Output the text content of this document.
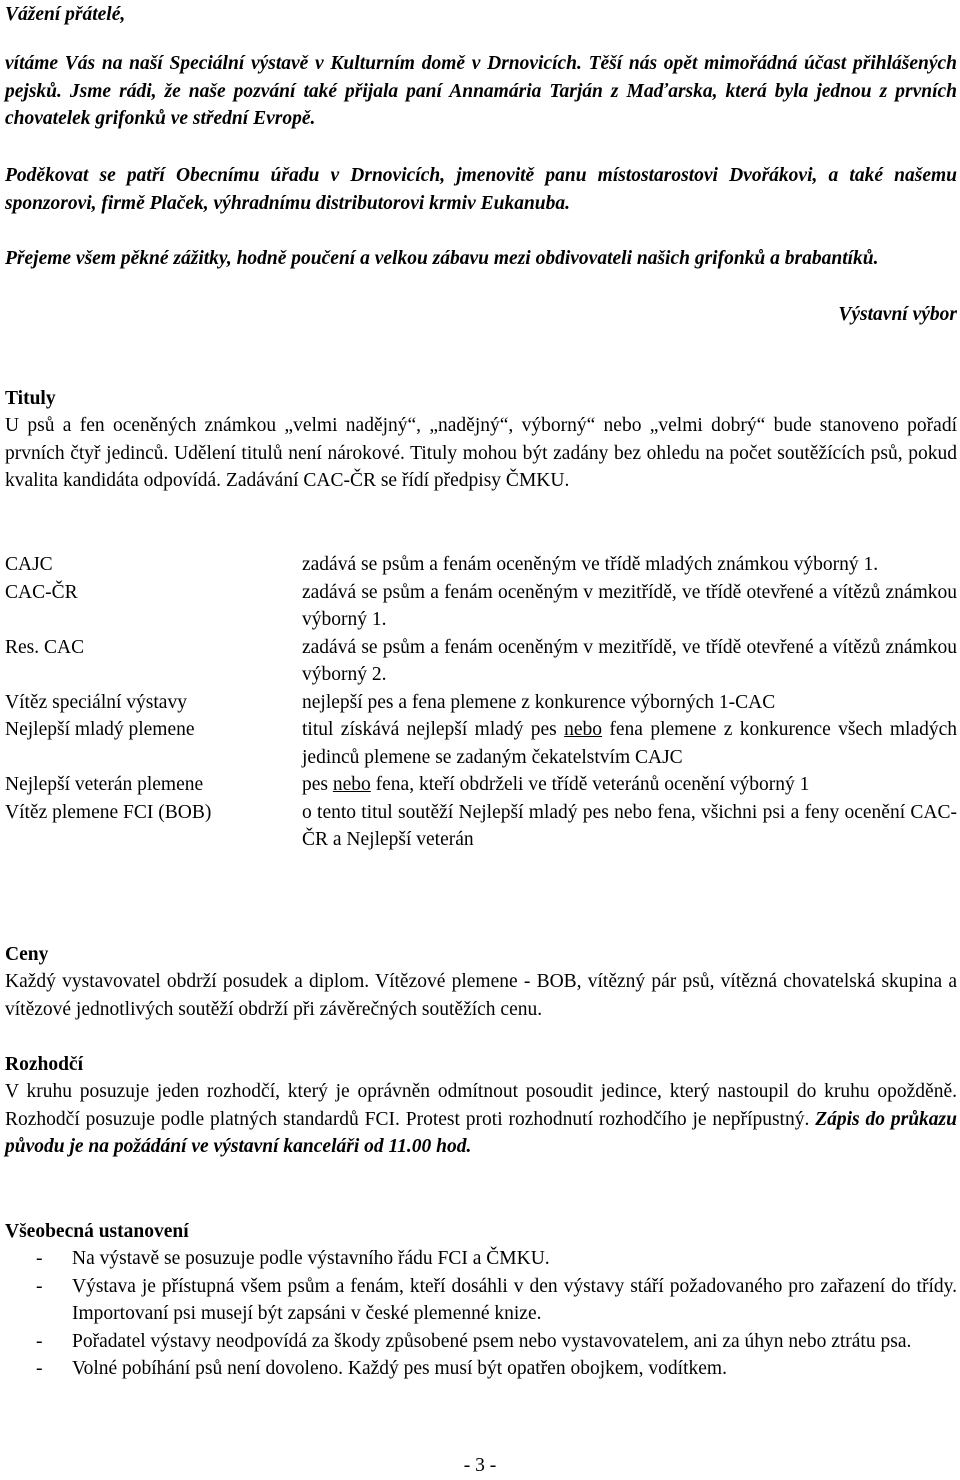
Vážení přátelé,

vítáme Vás na naší Speciální výstavě v Kulturním domě v Drnovicích. Těší nás opět mimořádná účast přihlášených pejsků. Jsme rádi, že naše pozvání také přijala paní Annamária Tarján z Maďarska, která byla jednou z prvních chovatelek grifonků ve střední Evropě.

Poděkovat se patří Obecnímu úřadu v Drnovicích, jmenovitě panu místostarostovi Dvořákovi, a také našemu sponzorovi, firmě Plaček, výhradnímu distributorovi krmiv Eukanuba.

Přejeme všem pěkné zážitky, hodně poučení a velkou zábavu mezi obdivovateli našich grifonků a brabantíků.

Výstavní výbor

Tituly

U psů a fen oceněných známkou „velmi nadějný“, „nadějný“, výborný“ nebo „velmi dobrý“ bude stanoveno pořadí prvních čtyř jedinců. Udělení titulů není nárokové. Tituly mohou být zadány bez ohledu na počet soutěžících psů, pokud kvalita kandidáta odpovídá. Zadávání CAC-ČR se řídí předpisy ČMKU.

CAJC	zadává se psům a fenám oceněným ve třídě mladých známkou výborný 1.
CAC-ČR	zadává se psům a fenám oceněným v mezitřídě, ve třídě otevřené a vítězů známkou výborný 1.
Res. CAC	zadává se psům a fenám oceněným v mezitřídě, ve třídě otevřené a vítězů známkou výborný 2.
Vítěz speciální výstavy	nejlepší pes a fena plemene z konkurence výborných 1-CAC
Nejlepší mladý plemene	titul získává nejlepší mladý pes nebo fena plemene z konkurence všech mladých jedinců plemene se zadaným čekatelstvím CAJC
Nejlepší veterán plemene	pes nebo fena, kteří obdrželi ve třídě veteránů ocenění výborný 1
Vítěz plemene FCI (BOB)	o tento titul soutěží Nejlepší mladý pes nebo fena, všichni psi a feny ocenění CAC-ČR a Nejlepší veterán

Ceny

Každý vystavovatel obdrží posudek a diplom. Vítězové plemene - BOB, vítězný pár psů, vítězná chovatelská skupina a vítězové jednotlivých soutěží obdrží při závěrečných soutěžích cenu.

Rozhodčí

V kruhu posuzuje jeden rozhodčí, který je oprávněn odmítnout posoudit jedince, který nastoupil do kruhu opožděně. Rozhodčí posuzuje podle platných standardů FCI. Protest proti rozhodnutí rozhodčího je nepřípustný. Zápis do průkazu původu je na požádání ve výstavní kanceláři od 11.00 hod.

Všeobecná ustanovení

-	Na výstavě se posuzuje podle výstavního řádu FCI a ČMKU.
-	Výstava je přístupná všem psům a fenám, kteří dosáhli v den výstavy stáří požadovaného pro zařazení do třídy. Importovaní psi musejí být zapsáni v české plemenné knize.
-	Pořadatel výstavy neodpovídá za škody způsobené psem nebo vystavovatelem, ani za úhyn nebo ztrátu psa.
-	Volné pobíhání psů není dovoleno. Každý pes musí být opatřen obojkem, vodítkem.
- 3 -
